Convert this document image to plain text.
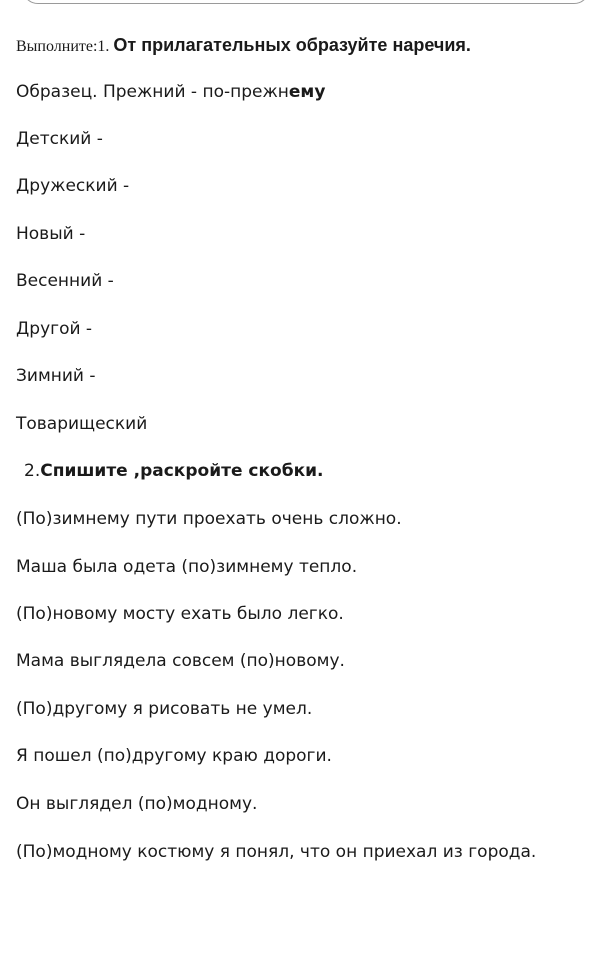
Выполните:1. От прилагательных образуйте наречия.
Образец. Прежний - по-прежнему
Детский -
Дружеский -
Новый -
Весенний -
Другой -
Зимний -
Товарищеский
2.Спишите ,раскройте скобки.
(По)зимнему пути проехать очень сложно.
Маша была одета (по)зимнему тепло.
(По)новому мосту ехать было легко.
Мама выглядела совсем (по)новому.
(По)другому я рисовать не умел.
Я пошел (по)другому краю дороги.
Он выглядел (по)модному.
(По)модному костюму я понял, что он приехал из города.
